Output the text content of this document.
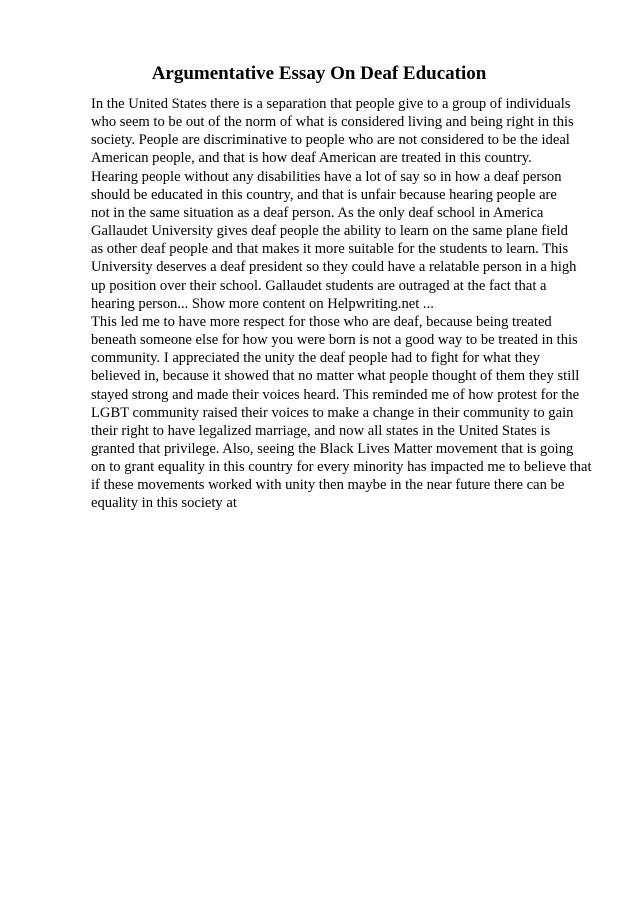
Argumentative Essay On Deaf Education
In the United States there is a separation that people give to a group of individuals
who seem to be out of the norm of what is considered living and being right in this
society. People are discriminative to people who are not considered to be the ideal
American people, and that is how deaf American are treated in this country.
Hearing people without any disabilities have a lot of say so in how a deaf person
should be educated in this country, and that is unfair because hearing people are
not in the same situation as a deaf person. As the only deaf school in America
Gallaudet University gives deaf people the ability to learn on the same plane field
as other deaf people and that makes it more suitable for the students to learn. This
University deserves a deaf president so they could have a relatable person in a high
up position over their school. Gallaudet students are outraged at the fact that a
hearing person... Show more content on Helpwriting.net ...
This led me to have more respect for those who are deaf, because being treated
beneath someone else for how you were born is not a good way to be treated in this
community. I appreciated the unity the deaf people had to fight for what they
believed in, because it showed that no matter what people thought of them they still
stayed strong and made their voices heard. This reminded me of how protest for the
LGBT community raised their voices to make a change in their community to gain
their right to have legalized marriage, and now all states in the United States is
granted that privilege. Also, seeing the Black Lives Matter movement that is going
on to grant equality in this country for every minority has impacted me to believe that
if these movements worked with unity then maybe in the near future there can be
equality in this society at
